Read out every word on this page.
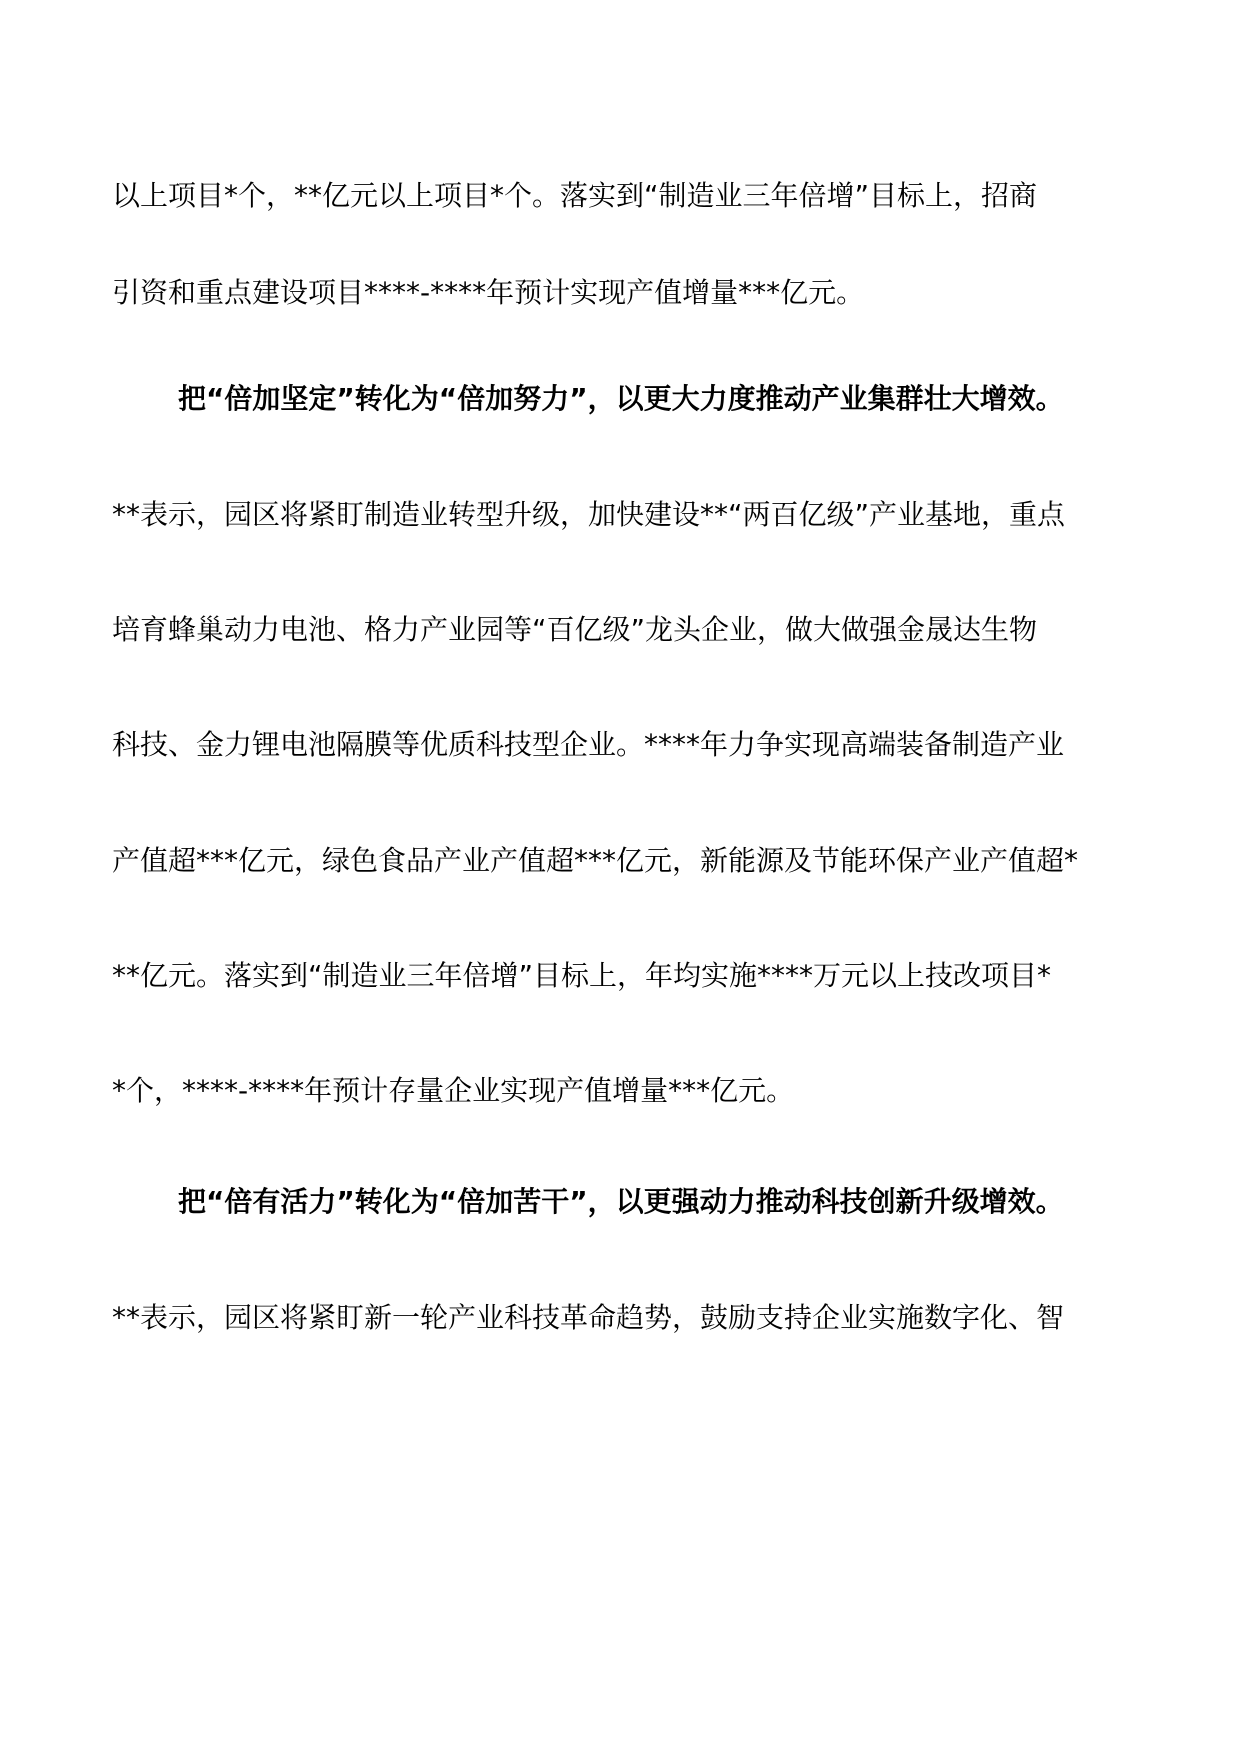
以上项目*个，**亿元以上项目*个。落实到“制造业三年倍增”目标上，招商
引资和重点建设项目****-****年预计实现产值增量***亿元。
把“倍加坚定”转化为“倍加努力”，以更大力度推动产业集群壮大增效。
**表示，园区将紧盯制造业转型升级，加快建设**“两百亿级”产业基地，重点
培育蜂巢动力电池、格力产业园等“百亿级”龙头企业，做大做强金晟达生物
科技、金力锂电池隔膜等优质科技型企业。****年力争实现高端装备制造产业
产值超***亿元，绿色食品产业产值超***亿元，新能源及节能环保产业产值超*
**亿元。落实到“制造业三年倍增”目标上，年均实施****万元以上技改项目*
*个，****-****年预计存量企业实现产值增量***亿元。
把“倍有活力”转化为“倍加苦干”，以更强动力推动科技创新升级增效。
**表示，园区将紧盯新一轮产业科技革命趋势，鼓励支持企业实施数字化、智
